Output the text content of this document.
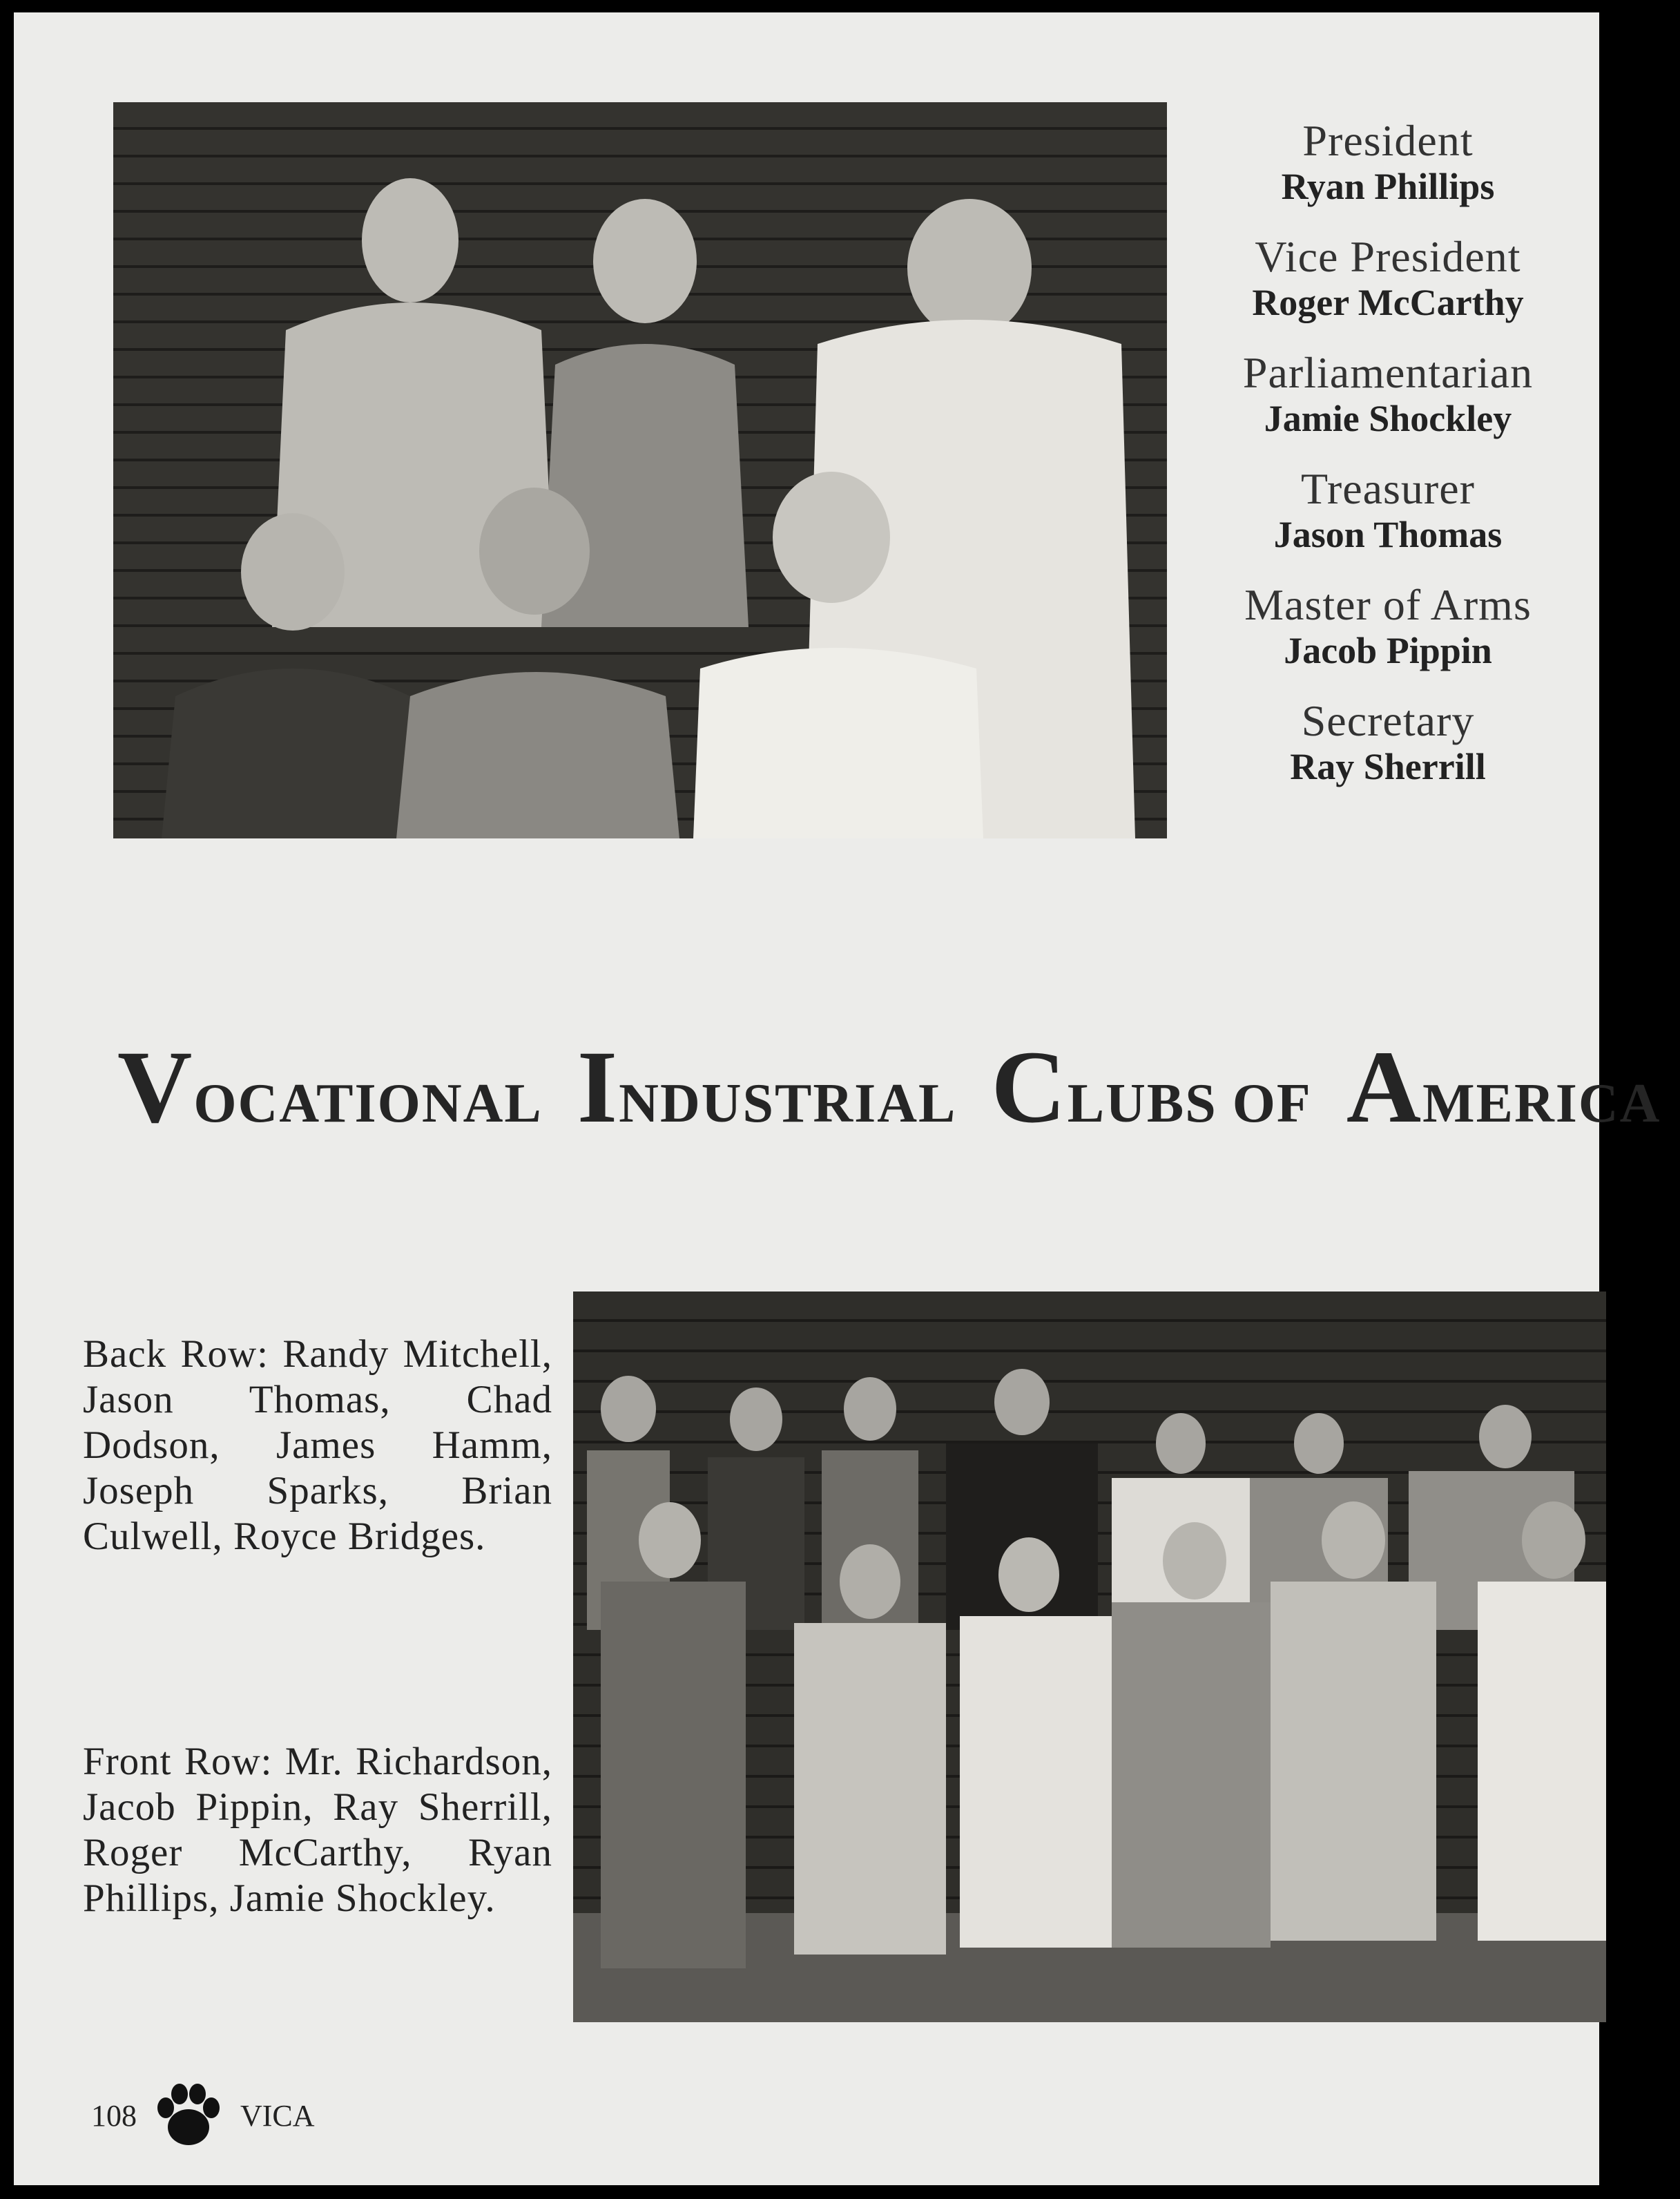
President
Ryan Phillips
Vice President
Roger McCarthy
Parliamentarian
Jamie Shockley
Treasurer
Jason Thomas
Master of Arms
Jacob Pippin
Secretary
Ray Sherrill
VOCATIONAL INDUSTRIAL CLUBS OF AMERICA
Back Row: Randy Mitchell, Jason Thomas, Chad Dodson, James Hamm, Joseph Sparks, Brian Culwell, Royce Bridges.
Front Row: Mr. Richardson, Jacob Pippin, Ray Sherrill, Roger McCarthy, Ryan Phillips, Jamie Shockley.
108	VICA
